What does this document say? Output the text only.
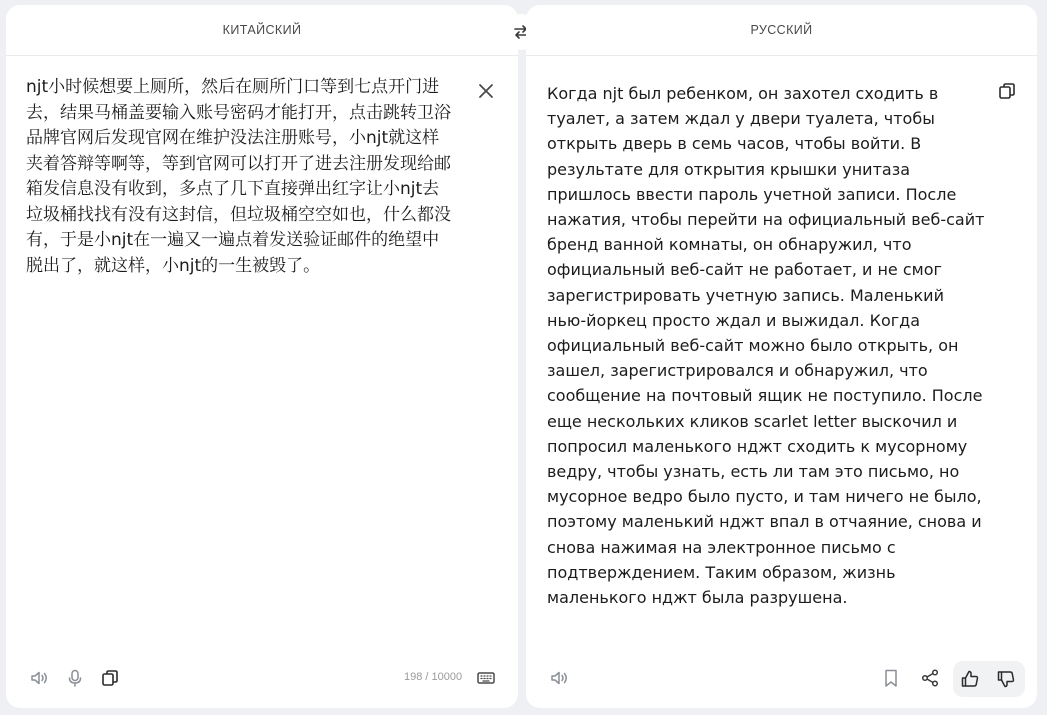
КИТАЙСКИЙ

njt小时候想要上厕所，然后在厕所门口等到七点开门进去，结果马桶盖要输入账号密码才能打开，点击跳转卫浴品牌官网后发现官网在维护没法注册账号，小njt就这样夹着答辩等啊等，等到官网可以打开了进去注册发现给邮箱发信息没有收到，多点了几下直接弹出红字让小njt去垃圾桶找找有没有这封信，但垃圾桶空空如也，什么都没有，于是小njt在一遍又一遍点着发送验证邮件的绝望中脱出了，就这样，小njt的一生被毁了。

198 / 10000
РУССКИЙ

Когда njt был ребенком, он захотел сходить в туалет, а затем ждал у двери туалета, чтобы открыть дверь в семь часов, чтобы войти. В результате для открытия крышки унитаза пришлось ввести пароль учетной записи. После нажатия, чтобы перейти на официальный веб-сайт бренд ванной комнаты, он обнаружил, что официальный веб-сайт не работает, и не смог зарегистрировать учетную запись. Маленький нью-йоркец просто ждал и выжидал. Когда официальный веб-сайт можно было открыть, он зашел, зарегистрировался и обнаружил, что сообщение на почтовый ящик не поступило. После еще нескольких кликов scarlet letter выскочил и попросил маленького нджт сходить к мусорному ведру, чтобы узнать, есть ли там это письмо, но мусорное ведро было пусто, и там ничего не было, поэтому маленький нджт впал в отчаяние, снова и снова нажимая на электронное письмо с подтверждением. Таким образом, жизнь маленького нджт была разрушена.
